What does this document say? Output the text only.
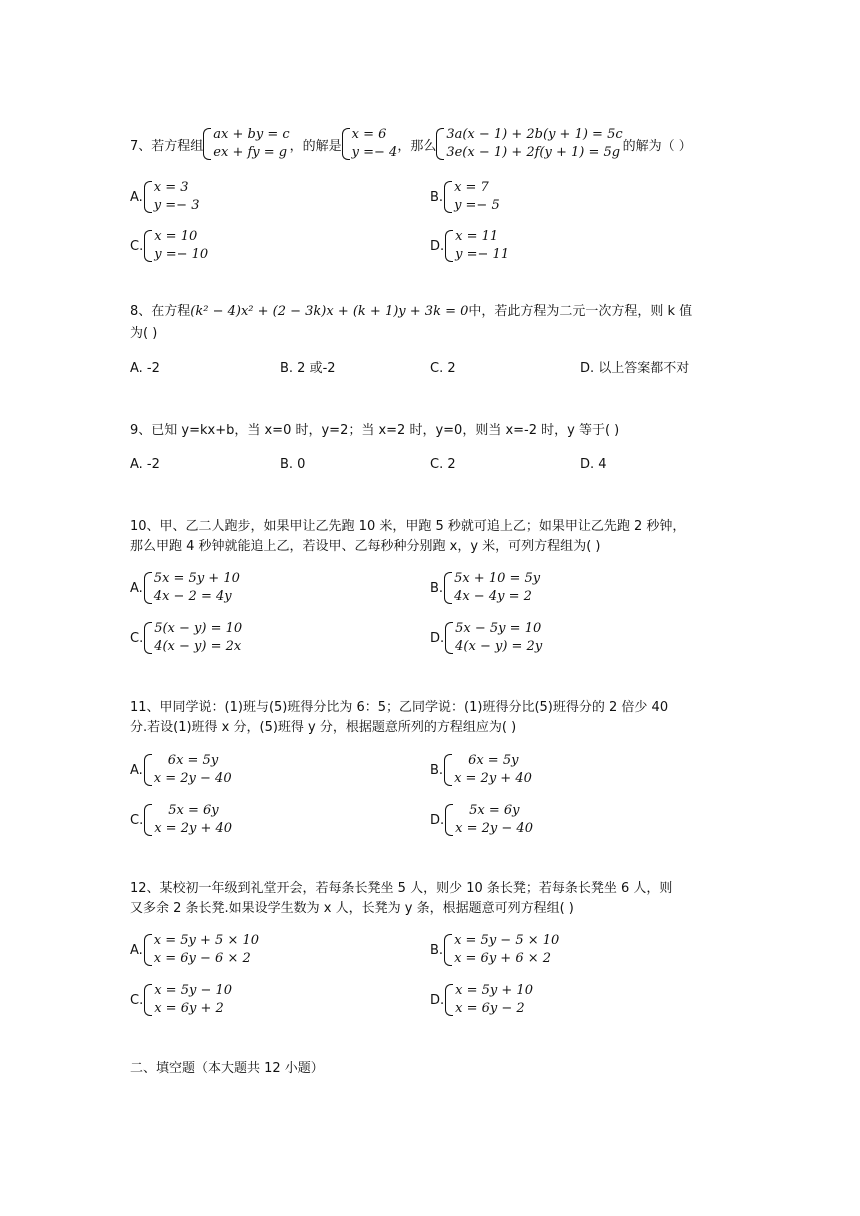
7、若方程组
ax + by = c
ex + fy = g ，的解是
x = 6
y =− 4 ，那么
3a(x − 1) + 2b(y + 1) = 5c
3e(x − 1) + 2f(y + 1) = 5g 的解为（ ）
A.
x = 3
y =− 3
B.
x = 7
y =− 5
C.
x = 10
y =− 10
D.
x = 11
y =− 11
8、在方程(k² − 4)x² + (2 − 3k)x + (k + 1)y + 3k = 0中，若此方程为二元一次方程，则 k 值
为( )
A. -2	B. 2 或-2	C. 2	D. 以上答案都不对
9、已知 y=kx+b，当 x=0 时，y=2；当 x=2 时，y=0，则当 x=-2 时，y 等于( )
A. -2	B. 0	C. 2	D. 4
10、甲、乙二人跑步，如果甲让乙先跑 10 米，甲跑 5 秒就可追上乙；如果甲让乙先跑 2 秒钟，
那么甲跑 4 秒钟就能追上乙，若设甲、乙每秒种分别跑 x，y 米，可列方程组为( )
A.
5x = 5y + 10
4x − 2 = 4y
B.
5x + 10 = 5y
4x − 4y = 2
C.
5(x − y) = 10
4(x − y) = 2x
D.
5x − 5y = 10
4(x − y) = 2y
11、甲同学说：(1)班与(5)班得分比为 6：5；乙同学说：(1)班得分比(5)班得分的 2 倍少 40
分.若设(1)班得 x 分，(5)班得 y 分，根据题意所列的方程组应为( )
A.
6x = 5y
x = 2y − 40
B.
6x = 5y
x = 2y + 40
C.
5x = 6y
x = 2y + 40
D.
5x = 6y
x = 2y − 40
12、某校初一年级到礼堂开会，若每条长凳坐 5 人，则少 10 条长凳；若每条长凳坐 6 人，则
又多余 2 条长凳.如果设学生数为 x 人，长凳为 y 条，根据题意可列方程组( )
A.
x = 5y + 5 × 10
x = 6y − 6 × 2
B.
x = 5y − 5 × 10
x = 6y + 6 × 2
C.
x = 5y − 10
x = 6y + 2
D.
x = 5y + 10
x = 6y − 2
二、填空题（本大题共 12 小题）
